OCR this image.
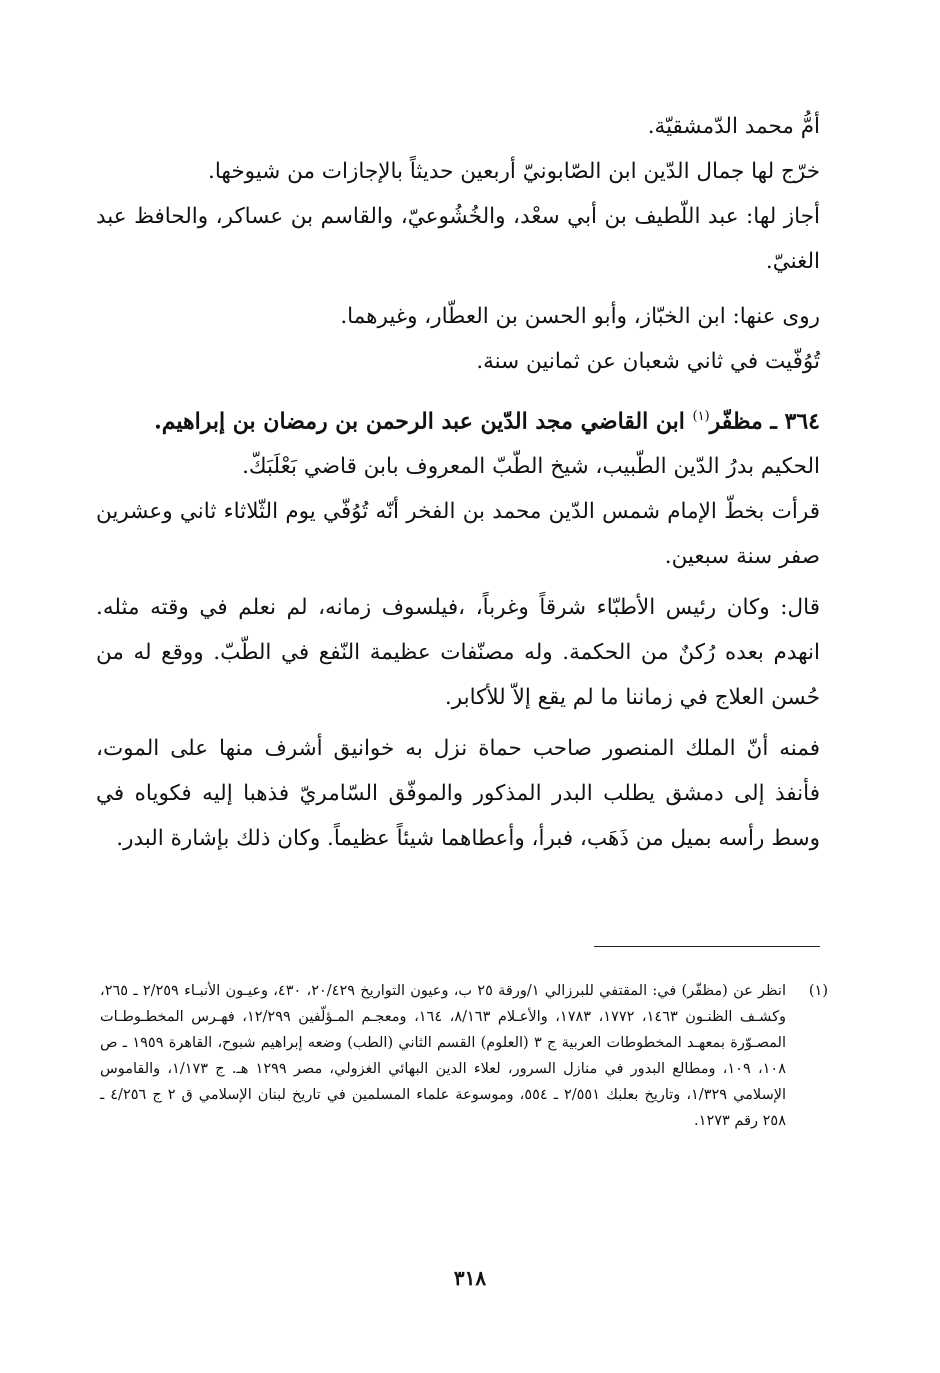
أمُّ محمد الدّمشقيّة.

خرّج لها جمال الدّين ابن الصّابونيّ أربعين حديثاً بالإجازات من شيوخها.

أجاز لها: عبد اللّطيف بن أبي سعْد، والخُشُوعيّ، والقاسم بن عساكر، والحافظ عبد الغنيّ.

روى عنها: ابن الخبّاز، وأبو الحسن بن العطّار، وغيرهما.

تُوُفّيت في ثاني شعبان عن ثمانين سنة.

٣٦٤ ـ مظفّر$^{(١)}$ ابن القاضي مجد الدّين عبد الرحمن بن رمضان بن إبراهيم.

الحكيم بدرُ الدّين الطّبيب، شيخ الطّبّ المعروف بابن قاضي بَعْلَبَكّ.

قرأت بخطّ الإمام شمس الدّين محمد بن الفخر أنّه تُوُفّي يوم الثّلاثاء ثاني وعشرين صفر سنة سبعين.

قال: وكان رئيس الأطبّاء شرقاً وغرباً، ،فيلسوف زمانه، لم نعلم في وقته مثله. انهدم بعده رُكنٌ من الحكمة. وله مصنّفات عظيمة النّفع في الطّبّ. ووقع له من حُسن العلاج في زماننا ما لم يقع إلاّ للأكابر.

فمنه أنّ الملك المنصور صاحب حماة نزل به خوانيق أشرف منها على الموت، فأنفذ إلى دمشق يطلب البدر المذكور والموفّق السّامريّ فذهبا إليه فكوياه في وسط رأسه بميل من ذَهَب، فبرأ، وأعطاهما شيئاً عظيماً. وكان ذلك بإشارة البدر.

(١)
انظر عن (مظفّر) في: المقتفي للبرزالي ١/ورقة ٢٥ ب، وعيون التواريخ ٢٠/٤٢٩، ٤٣٠، وعيـون الأنبـاء ٢/٢٥٩ ـ ٢٦٥، وكشـف الظنـون ١٤٦٣، ١٧٧٢، ١٧٨٣، والأعـلام ٨/١٦٣، ١٦٤، ومعجـم المـؤلّفين ١٢/٢٩٩، فهـرس المخطـوطـات المصـوّرة بمعهـد المخطوطات العربية ج ٣ (العلوم) القسم الثاني (الطب) وضعه إبراهيم شبوح، القاهرة ١٩٥٩ ـ ص ١٠٨، ١٠٩، ومطالع البدور في منازل السرور، لعلاء الدين البهائي الغزولي، مصر ١٢٩٩ هـ. ج ١/١٧٣، والقاموس الإسلامي ١/٣٢٩، وتاريخ بعلبك ٢/٥٥١ ـ ٥٥٤، وموسوعة علماء المسلمين في تاريخ لبنان الإسلامي ق ٢ ج ٤/٢٥٦ ـ ٢٥٨ رقم ١٢٧٣.
٣١٨
